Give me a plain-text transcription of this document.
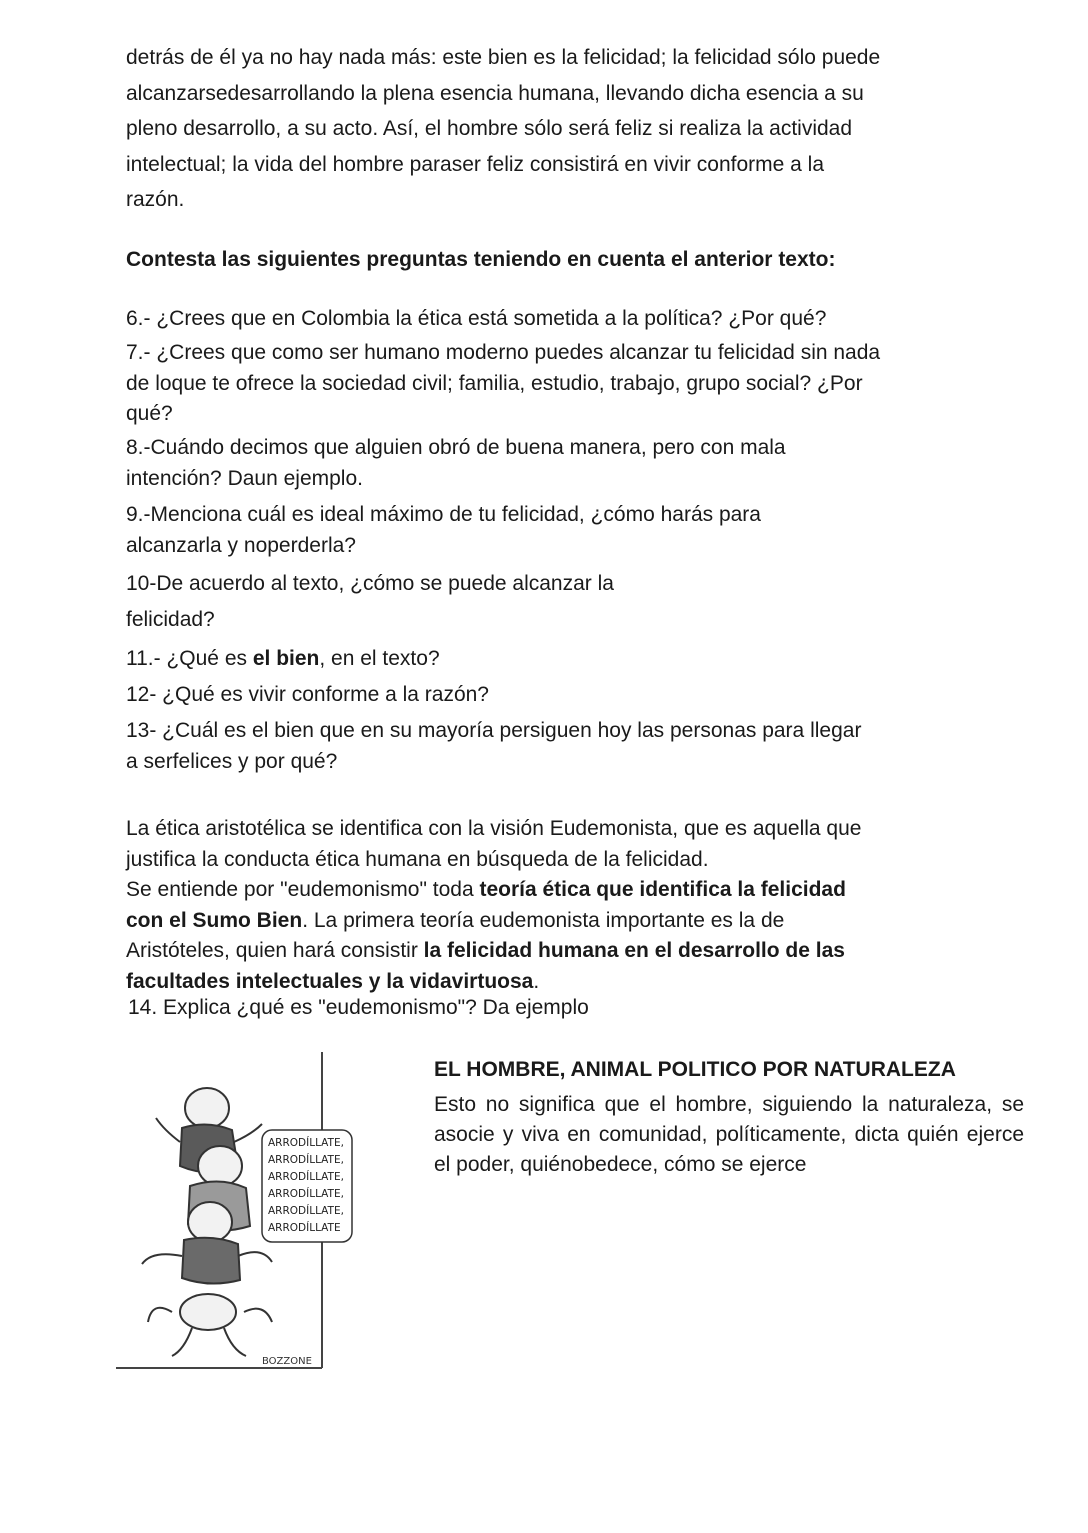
detrás de él ya no hay nada más: este bien es la felicidad; la felicidad sólo puede
alcanzarsedesarrollando la plena esencia humana, llevando dicha esencia a su
pleno desarrollo, a su acto. Así, el hombre sólo será feliz si realiza la actividad
intelectual; la vida del hombre paraser feliz consistirá en vivir conforme a la
razón.
Contesta las siguientes preguntas teniendo en cuenta el anterior texto:
6.- ¿Crees que en Colombia la ética está sometida a la política? ¿Por qué?
7.- ¿Crees que como ser humano moderno puedes alcanzar tu felicidad sin nada
de loque te ofrece la sociedad civil; familia, estudio, trabajo, grupo social? ¿Por
qué?
8.-Cuándo decimos que alguien obró de buena manera, pero con mala
intención? Daun ejemplo.
9.-Menciona cuál es ideal máximo de tu felicidad, ¿cómo harás para
alcanzarla y noperderla?
10-De acuerdo al texto, ¿cómo se puede alcanzar la
felicidad?
11.- ¿Qué es el bien, en el texto?
12- ¿Qué es vivir conforme a la razón?
13- ¿Cuál es el bien que en su mayoría persiguen hoy las personas para llegar
a serfelices y por qué?
La ética aristotélica se identifica con la visión Eudemonista, que es aquella que
justifica la conducta ética humana en búsqueda de la felicidad.
Se entiende por "eudemonismo" toda teoría ética que identifica la felicidad
con el Sumo Bien. La primera teoría eudemonista importante es la de
Aristóteles, quien hará consistir la felicidad humana en el desarrollo de las
facultades intelectuales y la vidavirtuosa.
14. Explica ¿qué es "eudemonismo"? Da ejemplo
ARRODÍLLATE,
ARRODÍLLATE,
ARRODÍLLATE,
ARRODÍLLATE,
ARRODÍLLATE,
ARRODÍLLATE
BOZZONE
EL HOMBRE, ANIMAL POLITICO POR NATURALEZA
Esto no significa que el hombre, siguiendo la naturaleza, se asocie y viva en comunidad, políticamente, dicta quién ejerce el poder, quiénobedece, cómo se ejerce
